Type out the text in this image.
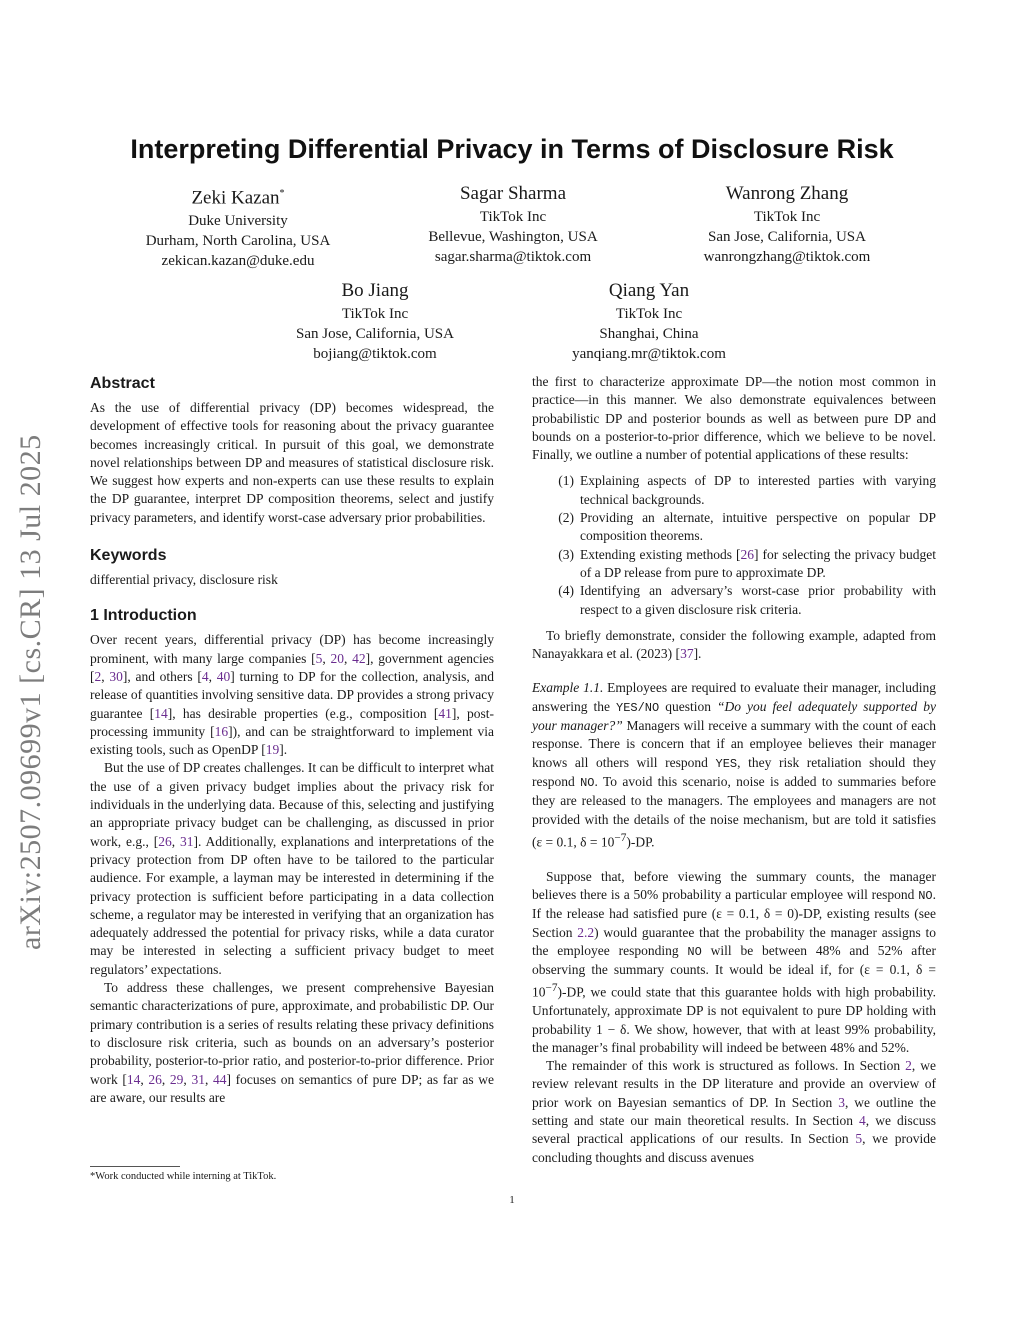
arXiv:2507.09699v1 [cs.CR] 13 Jul 2025
Interpreting Differential Privacy in Terms of Disclosure Risk
Zeki Kazan*
Duke University
Durham, North Carolina, USA
zekican.kazan@duke.edu
Sagar Sharma
TikTok Inc
Bellevue, Washington, USA
sagar.sharma@tiktok.com
Wanrong Zhang
TikTok Inc
San Jose, California, USA
wanrongzhang@tiktok.com
Bo Jiang
TikTok Inc
San Jose, California, USA
bojiang@tiktok.com
Qiang Yan
TikTok Inc
Shanghai, China
yanqiang.mr@tiktok.com
Abstract

As the use of differential privacy (DP) becomes widespread, the development of effective tools for reasoning about the privacy guarantee becomes increasingly critical. In pursuit of this goal, we demonstrate novel relationships between DP and measures of statistical disclosure risk. We suggest how experts and non-experts can use these results to explain the DP guarantee, interpret DP composition theorems, select and justify privacy parameters, and identify worst-case adversary prior probabilities.

Keywords

differential privacy, disclosure risk

1 Introduction

Over recent years, differential privacy (DP) has become increasingly prominent, with many large companies [5, 20, 42], government agencies [2, 30], and others [4, 40] turning to DP for the collection, analysis, and release of quantities involving sensitive data. DP provides a strong privacy guarantee [14], has desirable properties (e.g., composition [41], post-processing immunity [16]), and can be straightforward to implement via existing tools, such as OpenDP [19].

But the use of DP creates challenges. It can be difficult to interpret what the use of a given privacy budget implies about the privacy risk for individuals in the underlying data. Because of this, selecting and justifying an appropriate privacy budget can be challenging, as discussed in prior work, e.g., [26, 31]. Additionally, explanations and interpretations of the privacy protection from DP often have to be tailored to the particular audience. For example, a layman may be interested in determining if the privacy protection is sufficient before participating in a data collection scheme, a regulator may be interested in verifying that an organization has adequately addressed the potential for privacy risks, while a data curator may be interested in selecting a sufficient privacy budget to meet regulators’ expectations.

To address these challenges, we present comprehensive Bayesian semantic characterizations of pure, approximate, and probabilistic DP. Our primary contribution is a series of results relating these privacy definitions to disclosure risk criteria, such as bounds on an adversary’s posterior probability, posterior-to-prior ratio, and posterior-to-prior difference. Prior work [14, 26, 29, 31, 44] focuses on semantics of pure DP; as far as we are aware, our results are

the first to characterize approximate DP—the notion most common in practice—in this manner. We also demonstrate equivalences between probabilistic DP and posterior bounds as well as between pure DP and bounds on a posterior-to-prior difference, which we believe to be novel. Finally, we outline a number of potential applications of these results:

(1) Explaining aspects of DP to interested parties with varying technical backgrounds.
(2) Providing an alternate, intuitive perspective on popular DP composition theorems.
(3) Extending existing methods [26] for selecting the privacy budget of a DP release from pure to approximate DP.
(4) Identifying an adversary’s worst-case prior probability with respect to a given disclosure risk criteria.

To briefly demonstrate, consider the following example, adapted from Nanayakkara et al. (2023) [37].

Example 1.1. Employees are required to evaluate their manager, including answering the YES/NO question “Do you feel adequately supported by your manager?” Managers will receive a summary with the count of each response. There is concern that if an employee believes their manager knows all others will respond YES, they risk retaliation should they respond NO. To avoid this scenario, noise is added to summaries before they are released to the managers. The employees and managers are not provided with the details of the noise mechanism, but are told it satisfies (ε = 0.1, $\delta = 10^{-7})-DP$.

Suppose that, before viewing the summary counts, the manager believes there is a 50% probability a particular employee will respond NO. If the release had satisfied pure (ε = 0.1, δ = 0)-DP, existing results (see Section 2.2) would guarantee that the probability the manager assigns to the employee responding NO will be between 48% and 52% after observing the summary counts. It would be ideal if, for (ε = 0.1, $\delta = 10^{-7})-DP$, we could state that this guarantee holds with high probability. Unfortunately, approximate DP is not equivalent to pure DP holding with probability 1 − δ. We show, however, that with at least 99% probability, the manager’s final probability will indeed be between 48% and 52%.

The remainder of this work is structured as follows. In Section 2, we review relevant results in the DP literature and provide an overview of prior work on Bayesian semantics of DP. In Section 3, we outline the setting and state our main theoretical results. In Section 4, we discuss several practical applications of our results. In Section 5, we provide concluding thoughts and discuss avenues

*Work conducted while interning at TikTok.
1
